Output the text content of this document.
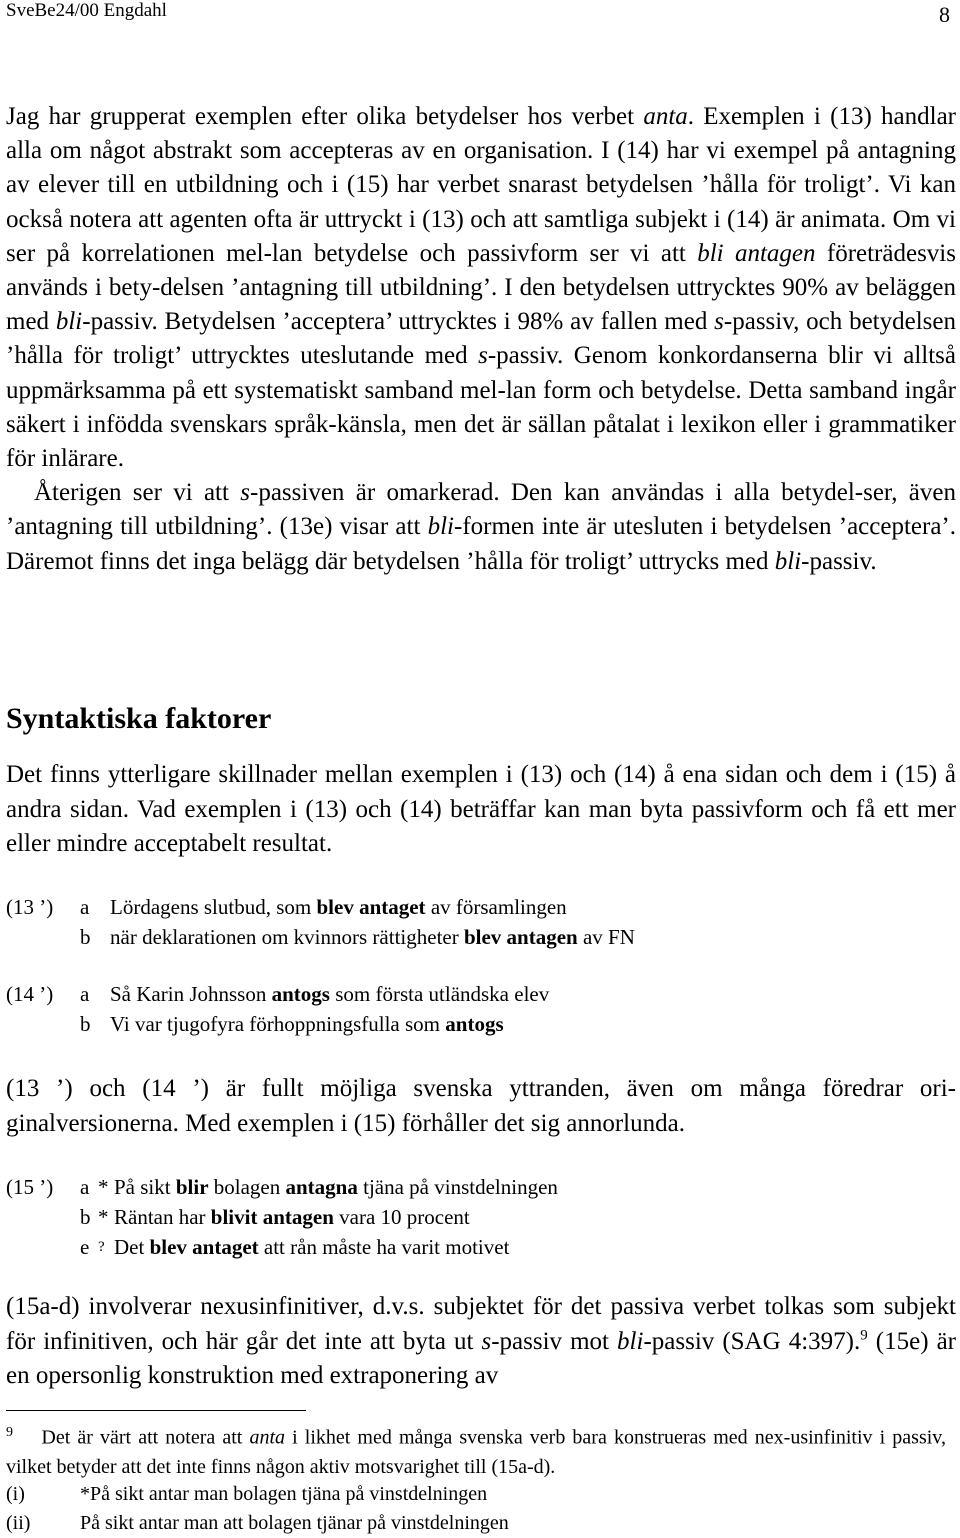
SveBe24/00 Engdahl	8

Jag har grupperat exemplen efter olika betydelser hos verbet anta. Exemplen i (13) handlar alla om något abstrakt som accepteras av en organisation. I (14) har vi exempel på antagning av elever till en utbildning och i (15) har verbet snarast betydelsen ’hålla för troligt’. Vi kan också notera att agenten ofta är uttryckt i (13) och att samtliga subjekt i (14) är animata. Om vi ser på korrelationen mel-lan betydelse och passivform ser vi att bli antagen företrädesvis används i bety-delsen ’antagning till utbildning’. I den betydelsen uttrycktes 90% av beläggen med bli-passiv. Betydelsen ’acceptera’ uttrycktes i 98% av fallen med s-passiv, och betydelsen ’hålla för troligt’ uttrycktes uteslutande med s-passiv. Genom konkordanserna blir vi alltså uppmärksamma på ett systematiskt samband mel-lan form och betydelse. Detta samband ingår säkert i infödda svenskars språk-känsla, men det är sällan påtalat i lexikon eller i grammatiker för inlärare.

Återigen ser vi att s-passiven är omarkerad. Den kan användas i alla betydel-ser, även ’antagning till utbildning’. (13e) visar att bli-formen inte är utesluten i betydelsen ’acceptera’. Däremot finns det inga belägg där betydelsen ’hålla för troligt’ uttrycks med bli-passiv.

Syntaktiska faktorer
Det finns ytterligare skillnader mellan exemplen i (13) och (14) å ena sidan och dem i (15) å andra sidan. Vad exemplen i (13) och (14) beträffar kan man byta passivform och få ett mer eller mindre acceptabelt resultat.
(13 ’)	a Lördagens slutbud, som blev antaget av församlingen
b när deklarationen om kvinnors rättigheter blev antagen av FN
(14 ’)	a Så Karin Johnsson antogs som första utländska elev
b Vi var tjugofyra förhoppningsfulla som antogs
(13 ’) och (14 ’) är fullt möjliga svenska yttranden, även om många föredrar ori-ginalversionerna. Med exemplen i (15) förhåller det sig annorlunda.
(15 ’)	a * På sikt blir bolagen antagna tjäna på vinstdelningen
b * Räntan har blivit antagen vara 10 procent
e ? Det blev antaget att rån måste ha varit motivet
(15a-d) involverar nexusinfinitiver, d.v.s. subjektet för det passiva verbet tolkas som subjekt för infinitiven, och här går det inte att byta ut s-passiv mot bli-passiv (SAG 4:397).$^9$ (15e) är en opersonlig konstruktion med extraponering av
$^9$ Det är värt att notera att anta i likhet med många svenska verb bara konstrueras med nex-usinfinitiv i passiv, vilket betyder att det inte finns någon aktiv motsvarighet till (15a-d).
(i)	*På sikt antar man bolagen tjäna på vinstdelningen
(ii)	På sikt antar man att bolagen tjänar på vinstdelningen
